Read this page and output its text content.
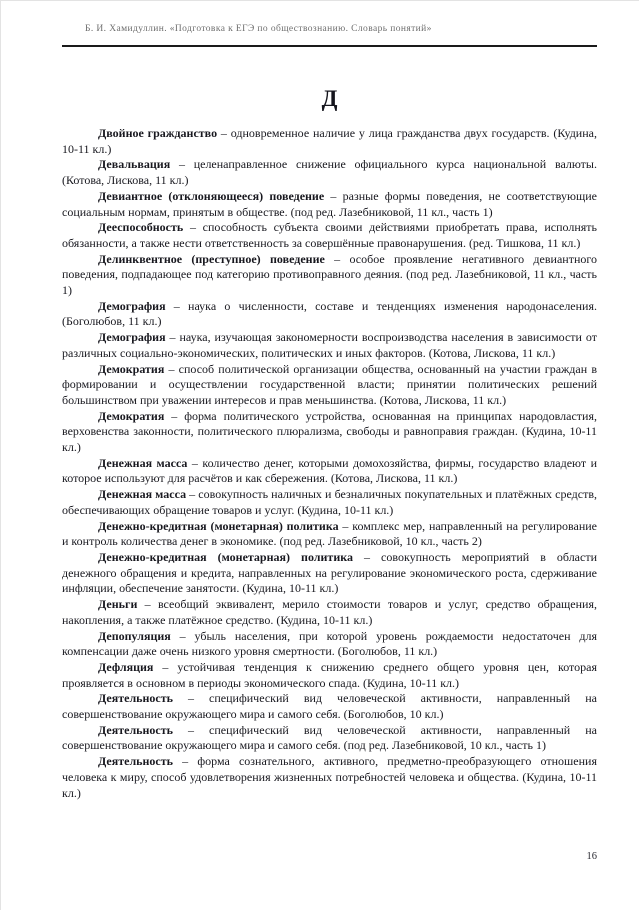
Б. И. Хамидуллин. «Подготовка к ЕГЭ по обществознанию. Словарь понятий»
Д

Двойное гражданство – одновременное наличие у лица гражданства двух государств. (Кудина, 10-11 кл.)

Девальвация – целенаправленное снижение официального курса национальной валюты. (Котова, Лискова, 11 кл.)

Девиантное (отклоняющееся) поведение – разные формы поведения, не соответствующие социальным нормам, принятым в обществе. (под ред. Лазебниковой, 11 кл., часть 1)

Дееспособность – способность субъекта своими действиями приобретать права, исполнять обязанности, а также нести ответственность за совершённые правонарушения. (ред. Тишкова, 11 кл.)

Делинквентное (преступное) поведение – особое проявление негативного девиантного поведения, подпадающее под категорию противоправного деяния. (под ред. Лазебниковой, 11 кл., часть 1)

Демография – наука о численности, составе и тенденциях изменения народонаселения. (Боголюбов, 11 кл.)

Демография – наука, изучающая закономерности воспроизводства населения в зависимости от различных социально-экономических, политических и иных факторов. (Котова, Лискова, 11 кл.)

Демократия – способ политической организации общества, основанный на участии граждан в формировании и осуществлении государственной власти; принятии политических решений большинством при уважении интересов и прав меньшинства. (Котова, Лискова, 11 кл.)

Демократия – форма политического устройства, основанная на принципах народовластия, верховенства законности, политического плюрализма, свободы и равноправия граждан. (Кудина, 10-11 кл.)

Денежная масса – количество денег, которыми домохозяйства, фирмы, государство владеют и которое используют для расчётов и как сбережения. (Котова, Лискова, 11 кл.)

Денежная масса – совокупность наличных и безналичных покупательных и платёжных средств, обеспечивающих обращение товаров и услуг. (Кудина, 10-11 кл.)

Денежно-кредитная (монетарная) политика – комплекс мер, направленный на регулирование и контроль количества денег в экономике. (под ред. Лазебниковой, 10 кл., часть 2)

Денежно-кредитная (монетарная) политика – совокупность мероприятий в области денежного обращения и кредита, направленных на регулирование экономического роста, сдерживание инфляции, обеспечение занятости. (Кудина, 10-11 кл.)

Деньги – всеобщий эквивалент, мерило стоимости товаров и услуг, средство обращения, накопления, а также платёжное средство. (Кудина, 10-11 кл.)

Депопуляция – убыль населения, при которой уровень рождаемости недостаточен для компенсации даже очень низкого уровня смертности. (Боголюбов, 11 кл.)

Дефляция – устойчивая тенденция к снижению среднего общего уровня цен, которая проявляется в основном в периоды экономического спада. (Кудина, 10-11 кл.)

Деятельность – специфический вид человеческой активности, направленный на совершенствование окружающего мира и самого себя. (Боголюбов, 10 кл.)

Деятельность – специфический вид человеческой активности, направленный на совершенствование окружающего мира и самого себя. (под ред. Лазебниковой, 10 кл., часть 1)

Деятельность – форма сознательного, активного, предметно-преобразующего отношения человека к миру, способ удовлетворения жизненных потребностей человека и общества. (Кудина, 10-11 кл.)

16
